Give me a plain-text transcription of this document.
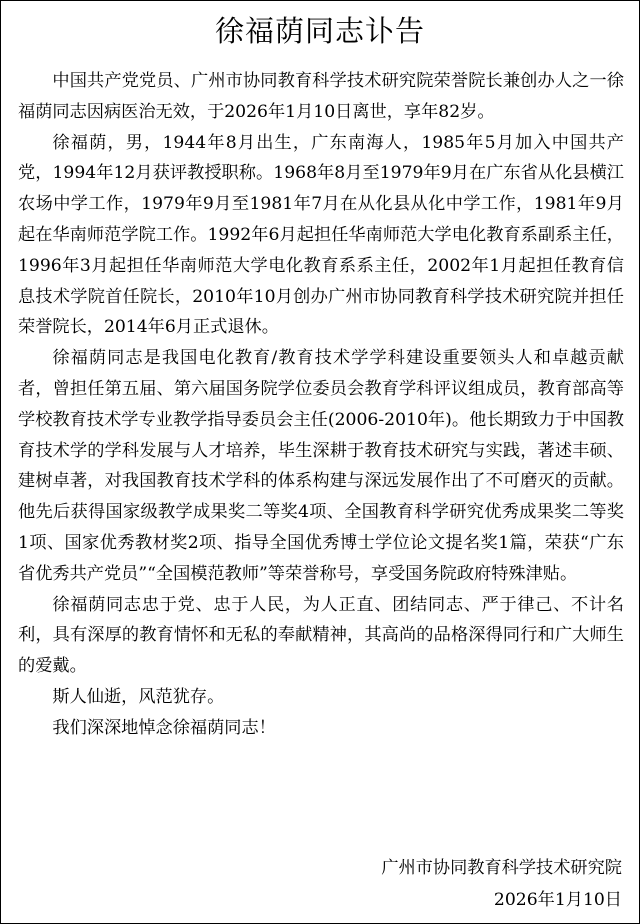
徐福荫同志讣告

中国共产党党员、广州市协同教育科学技术研究院荣誉院长兼创办人之一徐福荫同志因病医治无效，于2026年1月10日离世，享年82岁。

徐福荫，男，1944年8月出生，广东南海人，1985年5月加入中国共产党，1994年12月获评教授职称。1968年8月至1979年9月在广东省从化县横江农场中学工作，1979年9月至1981年7月在从化县从化中学工作，1981年9月起在华南师范学院工作。1992年6月起担任华南师范大学电化教育系副系主任，1996年3月起担任华南师范大学电化教育系系主任，2002年1月起担任教育信息技术学院首任院长，2010年10月创办广州市协同教育科学技术研究院并担任荣誉院长，2014年6月正式退休。

徐福荫同志是我国电化教育/教育技术学学科建设重要领头人和卓越贡献者，曾担任第五届、第六届国务院学位委员会教育学科评议组成员，教育部高等学校教育技术学专业教学指导委员会主任(2006-2010年)。他长期致力于中国教育技术学的学科发展与人才培养，毕生深耕于教育技术研究与实践，著述丰硕、建树卓著，对我国教育技术学科的体系构建与深远发展作出了不可磨灭的贡献。他先后获得国家级教学成果奖二等奖4项、全国教育科学研究优秀成果奖二等奖1项、国家优秀教材奖2项、指导全国优秀博士学位论文提名奖1篇，荣获“广东省优秀共产党员”“全国模范教师”等荣誉称号，享受国务院政府特殊津贴。

徐福荫同志忠于党、忠于人民，为人正直、团结同志、严于律己、不计名利，具有深厚的教育情怀和无私的奉献精神，其高尚的品格深得同行和广大师生的爱戴。

斯人仙逝，风范犹存。

我们深深地悼念徐福荫同志！

广州市协同教育科学技术研究院
2026年1月10日
